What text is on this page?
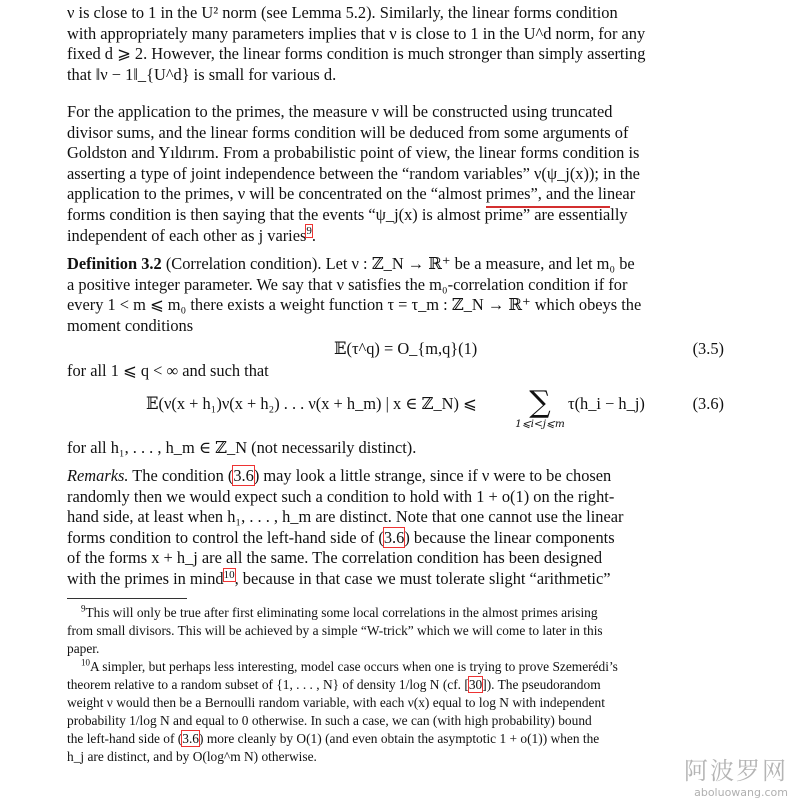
ν is close to 1 in the U² norm (see Lemma 5.2). Similarly, the linear forms condition

with appropriately many parameters implies that ν is close to 1 in the U^d norm, for any

fixed d ⩾ 2. However, the linear forms condition is much stronger than simply asserting

that ‖ν − 1‖_{U^d} is small for various d.

For the application to the primes, the measure ν will be constructed using truncated

divisor sums, and the linear forms condition will be deduced from some arguments of

Goldston and Yıldırım. From a probabilistic point of view, the linear forms condition is

asserting a type of joint independence between the “random variables” ν(ψ_j(x)); in the

application to the primes, ν will be concentrated on the “almost primes”, and the linear

forms condition is then saying that the events “ψ_j(x) is almost prime” are essentially

independent of each other as j varies$^9$.

Definition 3.2 (Correlation condition). Let ν : ℤ_N → ℝ⁺ be a measure, and let m₀ be

a positive integer parameter. We say that ν satisfies the m₀-correlation condition if for

every 1 < m ⩽ m₀ there exists a weight function τ = τ_m : ℤ_N → ℝ⁺ which obeys the

moment conditions

𝔼(τ^q) = O_{m,q}(1)	(3.5)
for all 1 ⩽ q < ∞ and such that
𝔼(ν(x + h₁)ν(x + h₂) . . . ν(x + h_m) | x ∈ ℤ_N) ⩽	∑
1⩽i<j⩽m
τ(h_i − h_j)	(3.6)
for all h₁, . . . , h_m ∈ ℤ_N (not necessarily distinct).

Remarks. The condition (3.6) may look a little strange, since if ν were to be chosen

randomly then we would expect such a condition to hold with 1 + o(1) on the right-

hand side, at least when h₁, . . . , h_m are distinct. Note that one cannot use the linear

forms condition to control the left-hand side of (3.6) because the linear components

of the forms x + h_j are all the same. The correlation condition has been designed

with the primes in mind$^{10}$, because in that case we must tolerate slight “arithmetic”

$^9$This will only be true after first eliminating some local correlations in the almost primes arising

from small divisors. This will be achieved by a simple “W-trick” which we will come to later in this

paper.

$^{10}$A simpler, but perhaps less interesting, model case occurs when one is trying to prove Szemerédi’s

theorem relative to a random subset of {1, . . . , N} of density 1/log N (cf. [30]). The pseudorandom

weight ν would then be a Bernoulli random variable, with each ν(x) equal to log N with independent

probability 1/log N and equal to 0 otherwise. In such a case, we can (with high probability) bound

the left-hand side of (3.6) more cleanly by O(1) (and even obtain the asymptotic 1 + o(1)) when the

h_j are distinct, and by O(log^m N) otherwise.

阿波罗网
aboluowang.com
